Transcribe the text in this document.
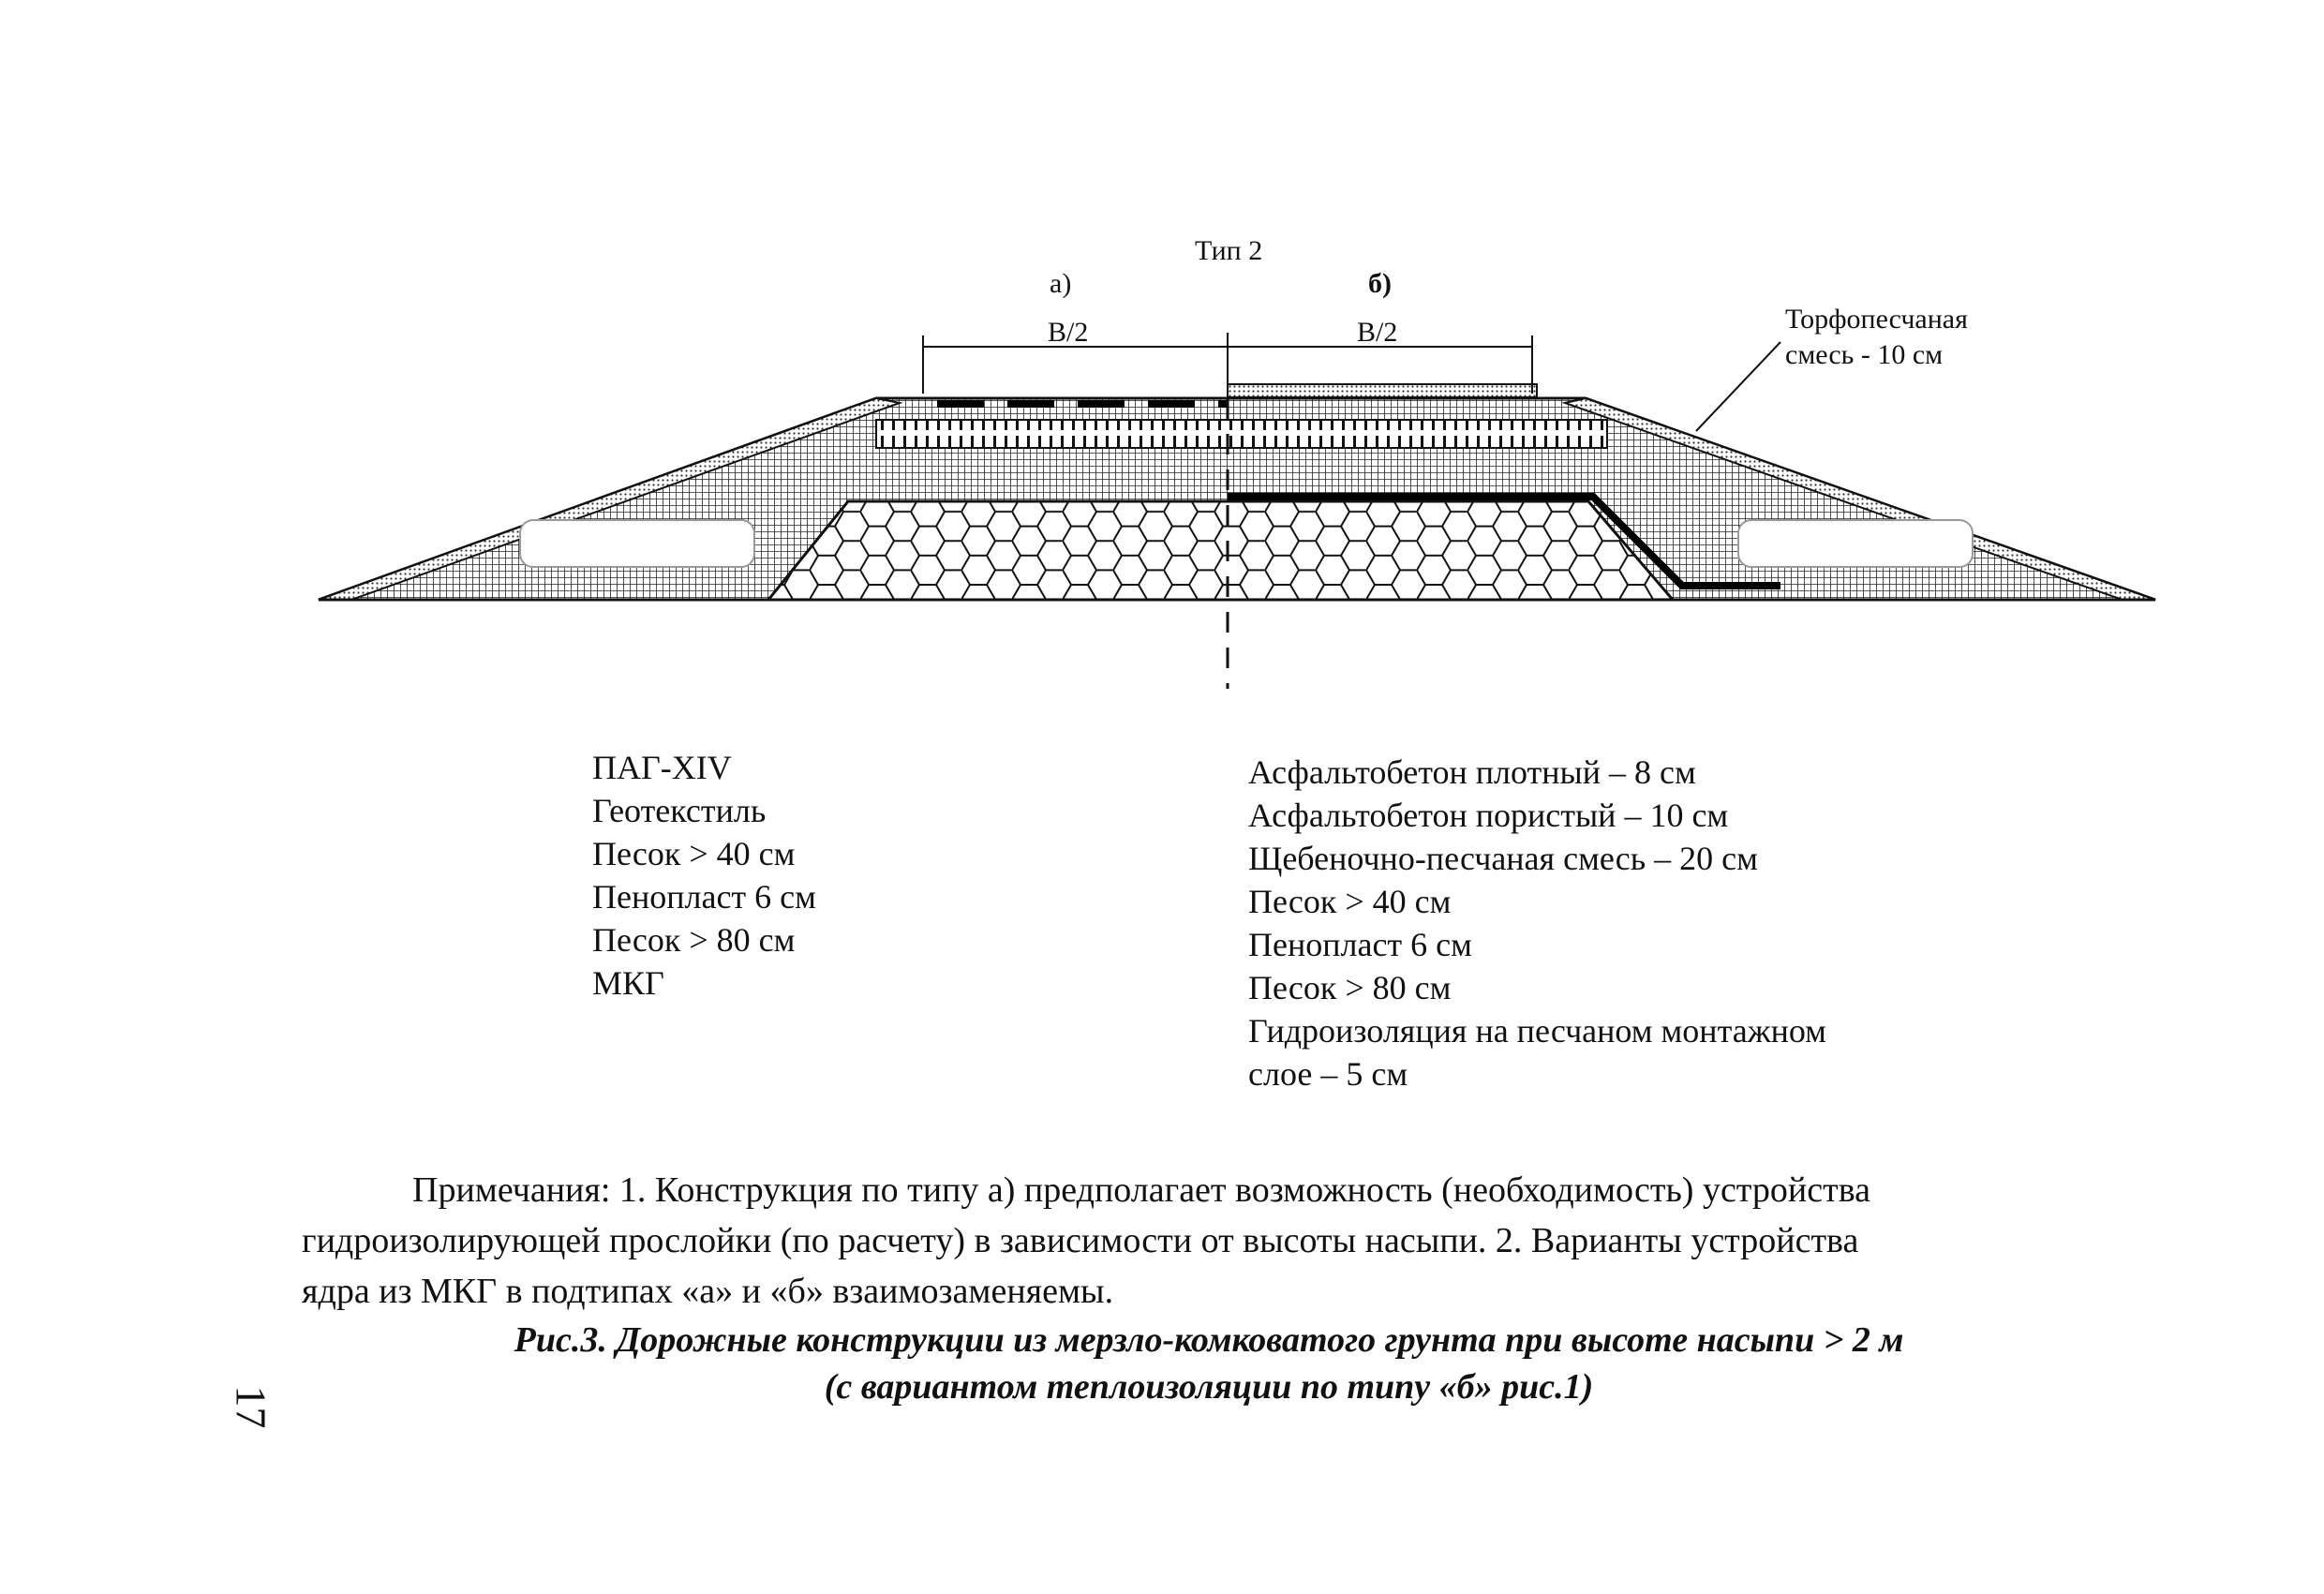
Тип 2
а)	б)
B/2	B/2	Торфопесчаная
смесь - 10 см
ПАГ-XIV
Геотекстиль
Песок > 40 см
Пенопласт 6 см
Песок > 80 см
МКГ
Асфальтобетон плотный – 8 см
Асфальтобетон пористый – 10 см
Щебеночно-песчаная смесь – 20 см
Песок > 40 см
Пенопласт 6 см
Песок > 80 см
Гидроизоляция на песчаном монтажном
слое – 5 см
Примечания: 1. Конструкция по типу а) предполагает возможность (необходимость) устройства
гидроизолирующей прослойки (по расчету) в зависимости от высоты насыпи. 2. Варианты устройства
ядра из МКГ в подтипах «а» и «б» взаимозаменяемы.
Рис.3. Дорожные конструкции из мерзло-комковатого грунта при высоте насыпи > 2 м
(с вариантом теплоизоляции по типу «б» рис.1)
17
